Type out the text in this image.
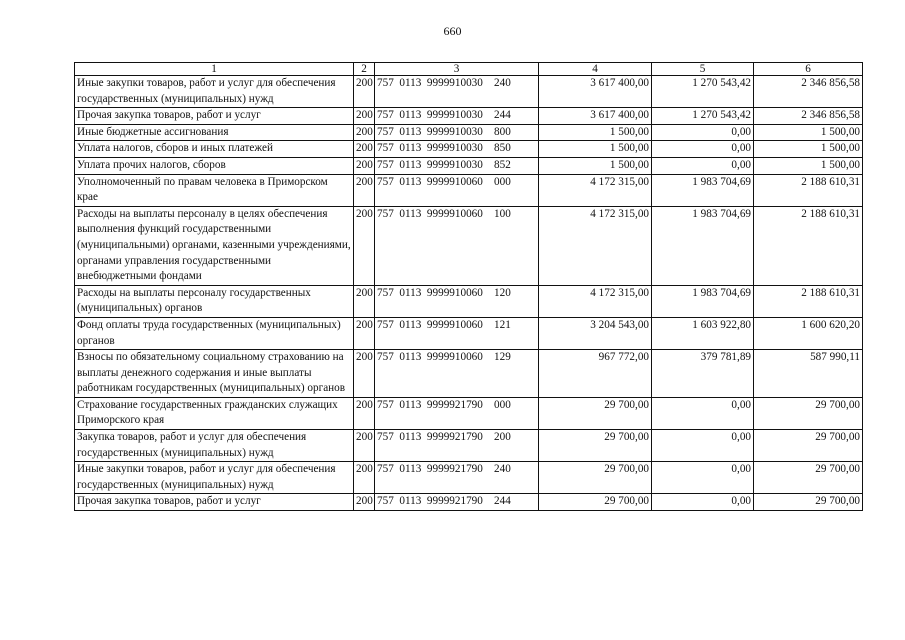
660
1	2	3	4	5	6
Иные закупки товаров, работ и услуг для обеспечения государственных (муниципальных) нужд	200	757  0113  9999910030    240	3 617 400,00	1 270 543,42	2 346 856,58
Прочая закупка товаров, работ и услуг	200	757  0113  9999910030    244	3 617 400,00	1 270 543,42	2 346 856,58
Иные бюджетные ассигнования	200	757  0113  9999910030    800	1 500,00	0,00	1 500,00
Уплата налогов, сборов и иных платежей	200	757  0113  9999910030    850	1 500,00	0,00	1 500,00
Уплата прочих налогов, сборов	200	757  0113  9999910030    852	1 500,00	0,00	1 500,00
Уполномоченный по правам человека в Приморском крае	200	757  0113  9999910060    000	4 172 315,00	1 983 704,69	2 188 610,31
Расходы на выплаты персоналу в целях обеспечения выполнения функций государственными (муниципальными) органами, казенными учреждениями, органами управления государственными внебюджетными фондами	200	757  0113  9999910060    100	4 172 315,00	1 983 704,69	2 188 610,31
Расходы на выплаты персоналу государственных (муниципальных) органов	200	757  0113  9999910060    120	4 172 315,00	1 983 704,69	2 188 610,31
Фонд оплаты труда государственных (муниципальных) органов	200	757  0113  9999910060    121	3 204 543,00	1 603 922,80	1 600 620,20
Взносы по обязательному социальному страхованию на выплаты денежного содержания и иные выплаты работникам государственных (муниципальных) органов	200	757  0113  9999910060    129	967 772,00	379 781,89	587 990,11
Страхование государственных гражданских служащих Приморского края	200	757  0113  9999921790    000	29 700,00	0,00	29 700,00
Закупка товаров, работ и услуг для обеспечения государственных (муниципальных) нужд	200	757  0113  9999921790    200	29 700,00	0,00	29 700,00
Иные закупки товаров, работ и услуг для обеспечения государственных (муниципальных) нужд	200	757  0113  9999921790    240	29 700,00	0,00	29 700,00
Прочая закупка товаров, работ и услуг	200	757  0113  9999921790    244	29 700,00	0,00	29 700,00
